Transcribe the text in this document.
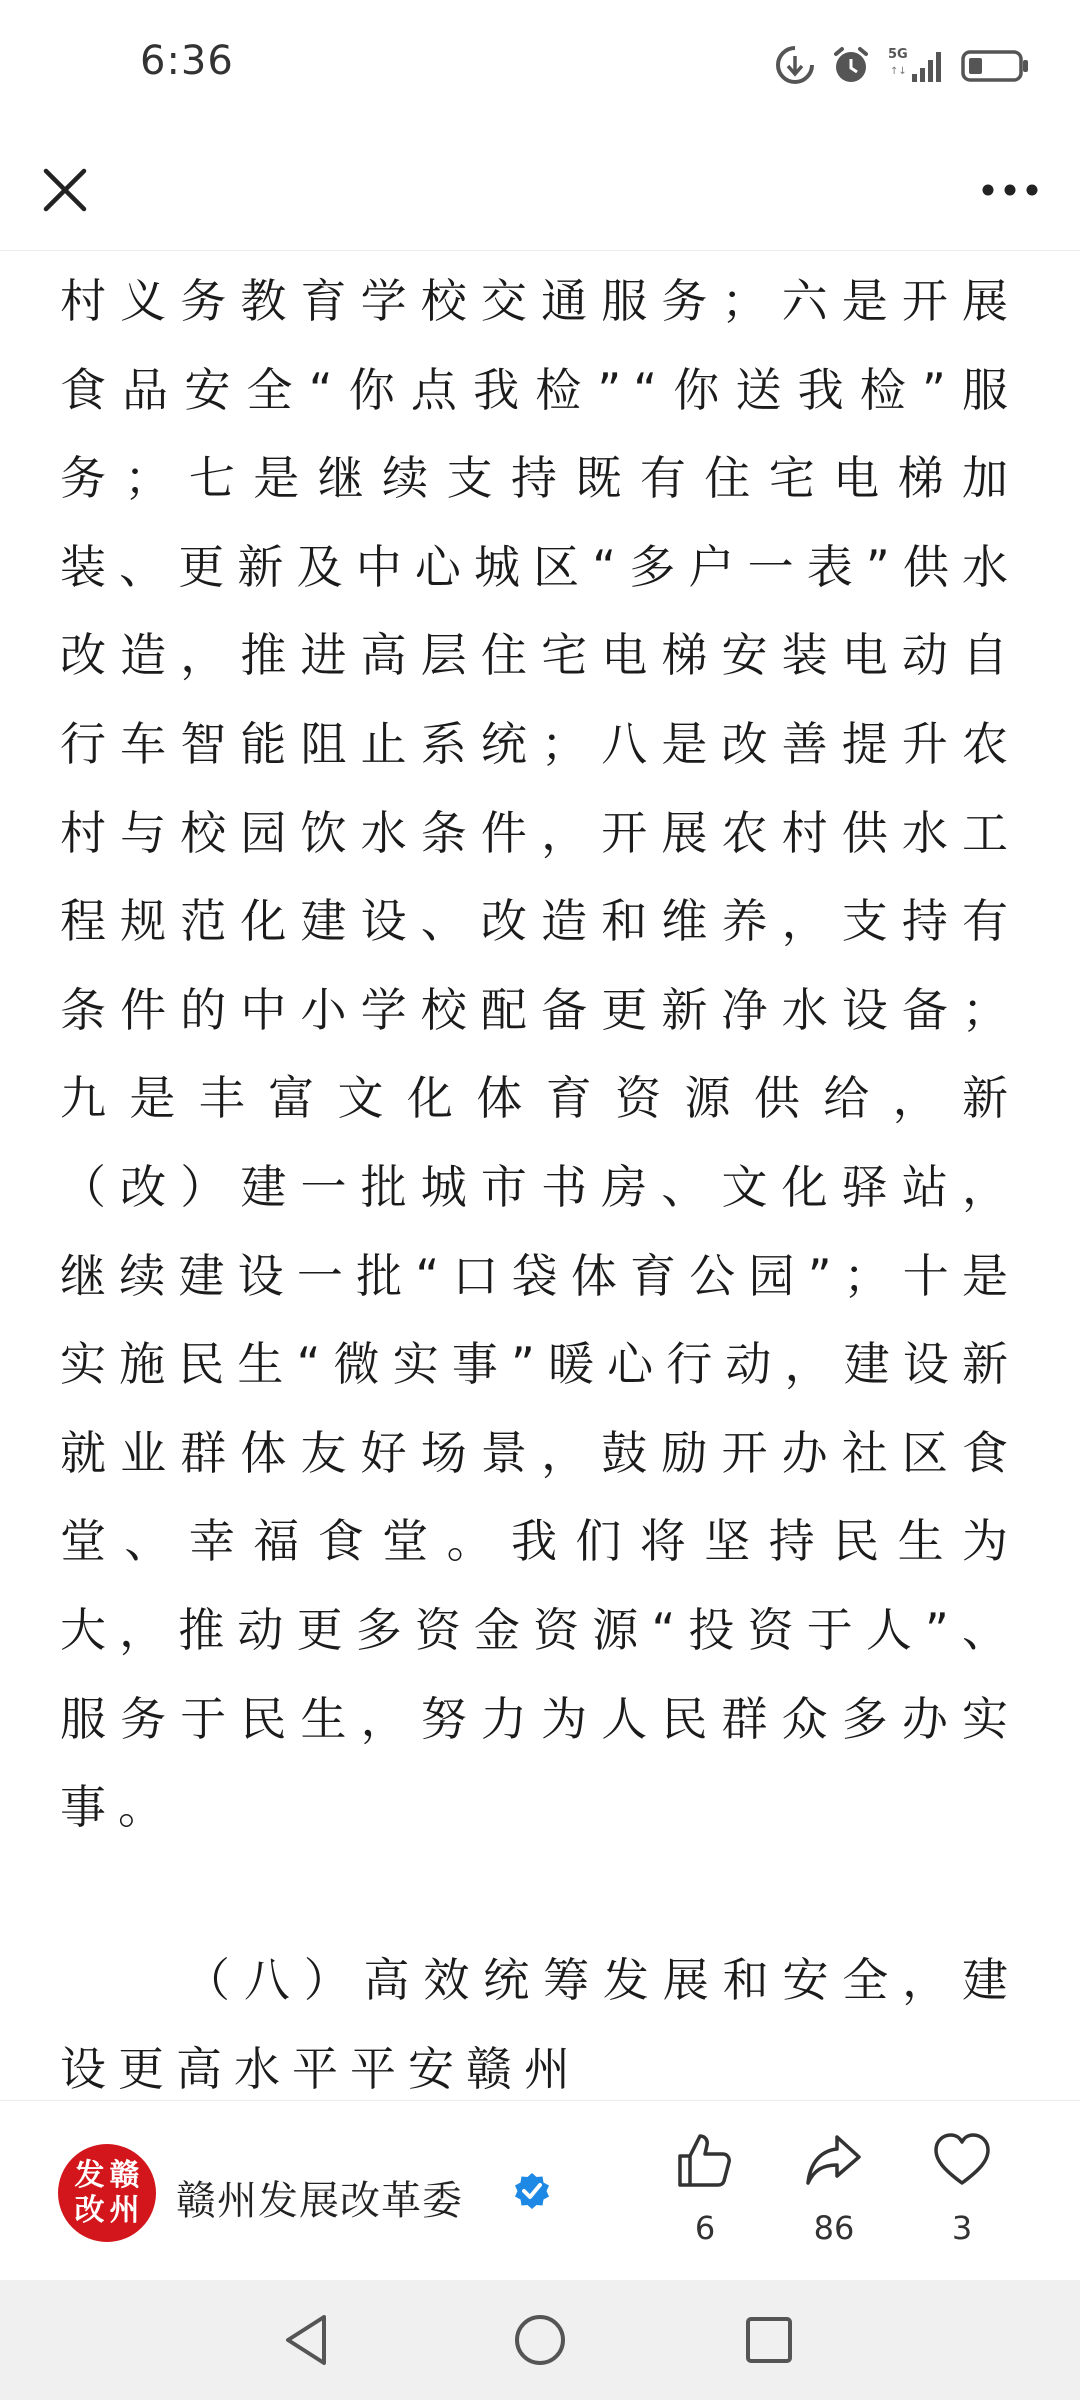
6:36	5G
↑↓

村义务教育学校交通服务；六是开展食品安全“你点我检”“你送我检”服务；七是继续支持既有住宅电梯加装、更新及中心城区“多户一表”供水改造，推进高层住宅电梯安装电动自行车智能阻止系统；八是改善提升农村与校园饮水条件，开展农村供水工程规范化建设、改造和维养，支持有条件的中小学校配备更新净水设备；九是丰富文化体育资源供给，新（改）建一批城市书房、文化驿站，继续建设一批“口袋体育公园”；十是实施民生“微实事”暖心行动，建设新就业群体友好场景，鼓励开办社区食堂、幸福食堂。我们将坚持民生为大，推动更多资金资源“投资于人”、服务于民生，努力为人民群众多办实事。

（八）高效统筹发展和安全，建设更高水平平安赣州

发 赣
改 州 赣州发展改革委
6	86	3
